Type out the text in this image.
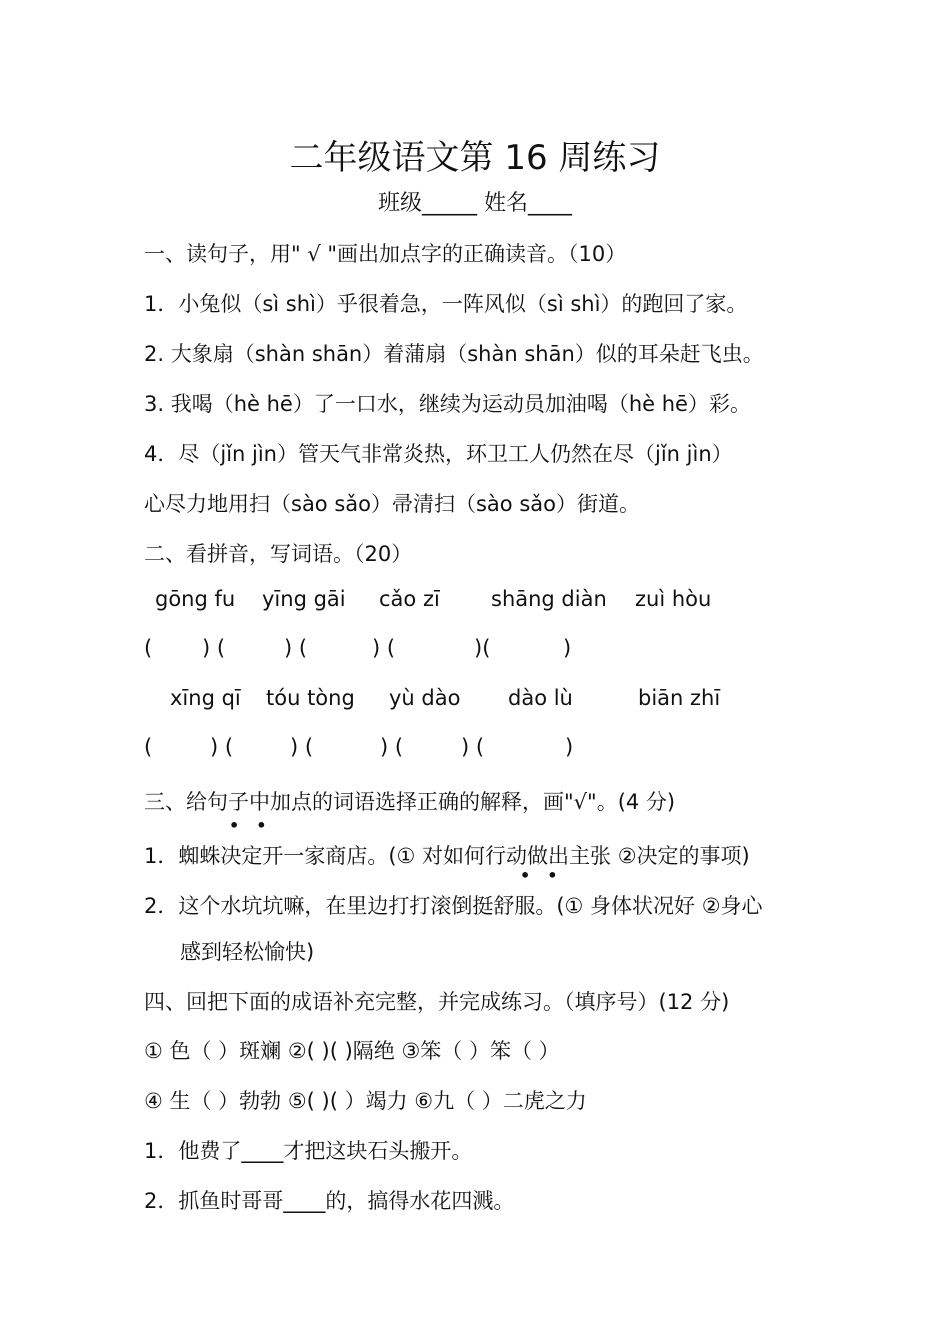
二年级语文第 16 周练习
班级_____ 姓名____
一、读句子，用" √ "画出加点字的正确读音。（10）
1．小兔似（sì shì）乎很着急，一阵风似（sì shì）的跑回了家。
2. 大象扇（shàn shān）着蒲扇（shàn shān）似的耳朵赶飞虫。
3. 我喝（hè hē）了一口水，继续为运动员加油喝（hè hē）彩。
4．尽（jǐn jìn）管天气非常炎热，环卫工人仍然在尽（jǐn jìn）
心尽力地用扫（sào sǎo）帚清扫（sào sǎo）街道。
二、看拼音，写词语。（20）
gōng fu yīng gāi cǎo zī shāng diàn zuì hòu
( ) (	) (	) (	)(	)
xīng qī tóu tòng yù dào dào lù	biān zhī
(	) (	) (	) (	) (	)
三、给句子中加点的词语选择正确的解释，画"√"。(4 分)
••
1．蜘蛛决定开一家商店。(① 对如何行动做出主张 ②决定的事项)
••
2．这个水坑坑嘛，在里边打打滚倒挺舒服。(① 身体状况好 ②身心
感到轻松愉快)
四、回把下面的成语补充完整，并完成练习。（填序号）(12 分)
① 色（ ）斑斓 ②( )( )隔绝 ③笨（ ）笨（ ）
④ 生（ ）勃勃 ⑤( )( ）竭力 ⑥九（ ）二虎之力
1．他费了____才把这块石头搬开。
2．抓鱼时哥哥____的，搞得水花四溅。
